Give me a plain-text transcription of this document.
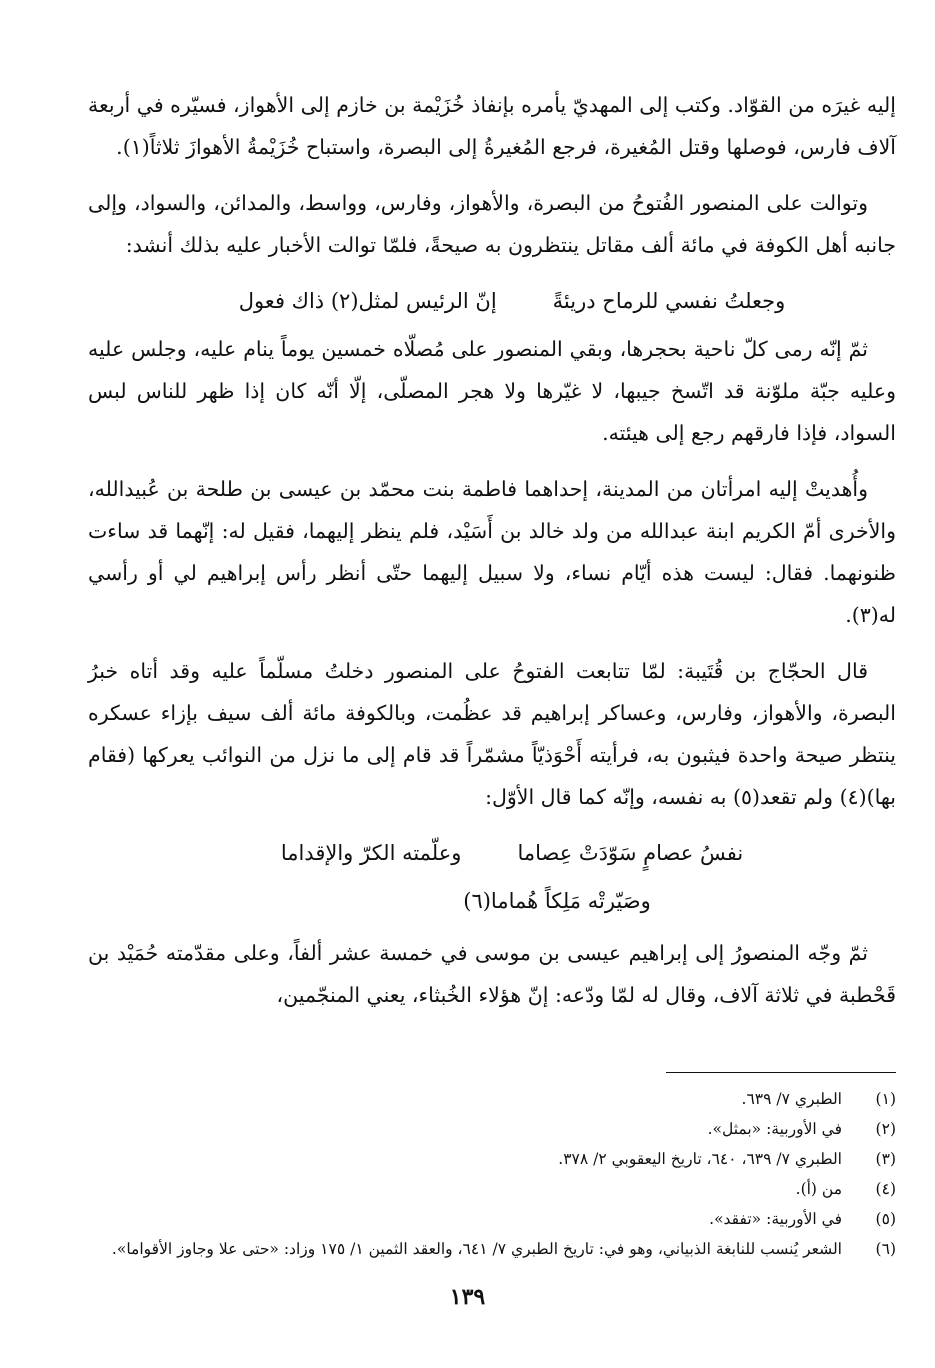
إليه غيرَه من القوّاد. وكتب إلى المهديّ يأمره بإنفاذ خُزَيْمة بن خازم إلى الأهواز، فسيّره في أربعة آلاف فارس، فوصلها وقتل المُغيرة، فرجع المُغيرةُ إلى البصرة، واستباح خُزَيْمةُ الأهوازَ ثلاثاً(١).

وتوالت على المنصور الفُتوحُ من البصرة، والأهواز، وفارس، وواسط، والمدائن، والسواد، وإلى جانبه أهل الكوفة في مائة ألف مقاتل ينتظرون به صيحةً، فلمّا توالت الأخبار عليه بذلك أنشد:

وجعلتُ نفسي للرماح دريئةً
إنّ الرئيس لمثل(٢) ذاك فعول

ثمّ إنّه رمى كلّ ناحية بحجرها، وبقي المنصور على مُصلّاه خمسين يوماً ينام عليه، وجلس عليه وعليه جبّة ملوّنة قد اتّسخ جيبها، لا غيّرها ولا هجر المصلّى، إلّا أنّه كان إذا ظهر للناس لبس السواد، فإذا فارقهم رجع إلى هيئته.

وأُهديتْ إليه امرأتان من المدينة، إحداهما فاطمة بنت محمّد بن عيسى بن طلحة بن عُبيدالله، والأخرى أمّ الكريم ابنة عبدالله من ولد خالد بن أَسَيْد، فلم ينظر إليهما، فقيل له: إنّهما قد ساءت ظنونهما. فقال: ليست هذه أيّام نساء، ولا سبيل إليهما حتّى أنظر رأس إبراهيم لي أو رأسي له(٣).

قال الحجّاج بن قُتَيبة: لمّا تتابعت الفتوحُ على المنصور دخلتُ مسلّماً عليه وقد أتاه خبرُ البصرة، والأهواز، وفارس، وعساكر إبراهيم قد عظُمت، وبالكوفة مائة ألف سيف بإزاء عسكره ينتظر صيحة واحدة فيثبون به، فرأيته أَحْوَذيّاً مشمّراً قد قام إلى ما نزل من النوائب يعركها (فقام بها)(٤) ولم تقعد(٥) به نفسه، وإنّه كما قال الأوّل:

نفسُ عصامٍ سَوّدَتْ عِصاما
وعلّمته الكرّ والإقداما
وصَيّرتْه مَلِكاً هُماما(٦)

ثمّ وجّه المنصورُ إلى إبراهيم عيسى بن موسى في خمسة عشر ألفاً، وعلى مقدّمته حُمَيْد بن قَحْطبة في ثلاثة آلاف، وقال له لمّا ودّعه: إنّ هؤلاء الخُبثاء، يعني المنجّمين،

(١)
الطبري ٧/ ٦٣٩.
(٢)
في الأوربية: «بمثل».
(٣)
الطبري ٧/ ٦٣٩، ٦٤٠، تاريخ اليعقوبي ٢/ ٣٧٨.
(٤)
من (أ).
(٥)
في الأوربية: «تفقد».
(٦)
الشعر يُنسب للنابغة الذبياني، وهو في: تاريخ الطبري ٧/ ٦٤١، والعقد الثمين ١/ ١٧٥ وزاد: «حتى علا وجاوز الأقواما».
١٣٩
